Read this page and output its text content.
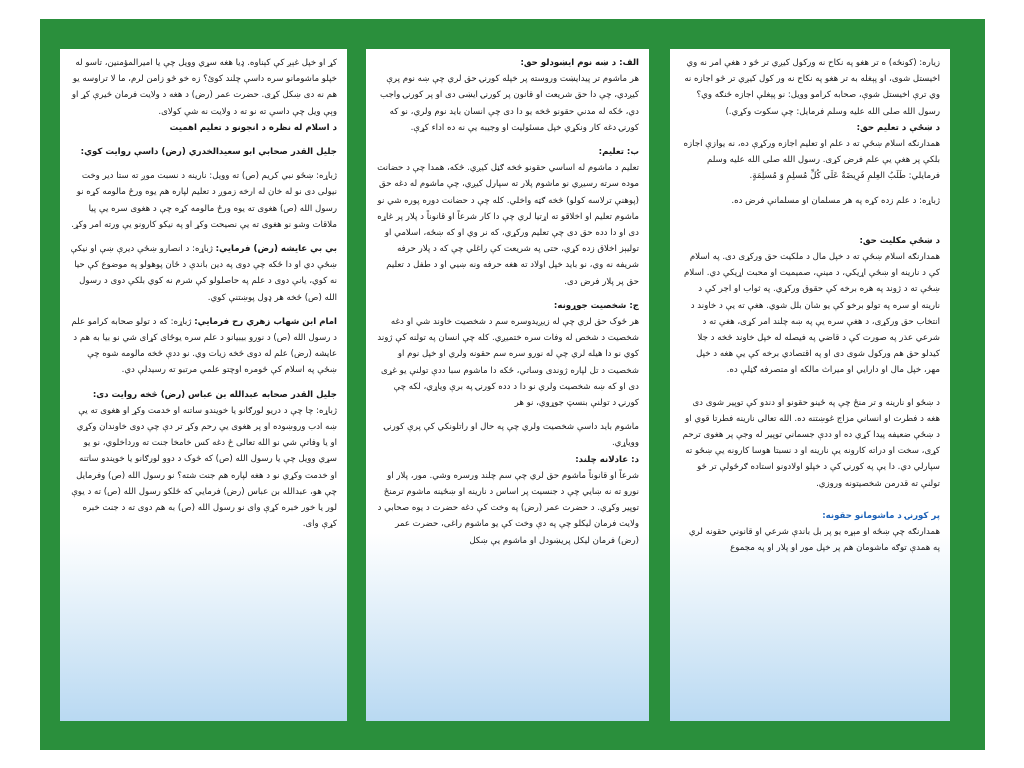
زياره: (كونځه) ه تر هغو په نكاح نه وركول كيږي تر څو د هغې امر نه وي اخيستل شوى، او پېغله به تر هغو په نكاح نه ور كول كيږي تر څو اجازه نه وي ترې اخيستل شوې، صحابه كرامو وويل: نو پېغلې اجازه څنګه وي؟ رسول الله صلى الله عليه وسلم فرمايل: چې سكوت وكړي.)

د ښځې د تعليم حق:

همدارنګه اسلام ښځې ته د علم او تعليم اجازه وركړې ده، نه يوازې اجازه بلكې پر هغې يې علم فرض كړى. رسول الله صلى الله عليه وسلم فرمايلي: طَلَبُ العِلمِ فَرِيضَةٌ عَلَى كُلِّ مُسلِمٍ وَ مُسلِمَةٍ.

ژباړه: د علم زده كړه په هر مسلمان او مسلمانې فرض ده.

د ښځې مكليت حق:

همدارنګه اسلام ښځې ته د خپل مال د ملكيت حق وركړى دى. په اسلام كې د نارينه او ښځې اړيكي، د مينې، صميميت او محبت اړيكې دي. اسلام ښځې ته د ژوند په هره برخه كې حقوق وركړي. په ثواب او اجر كې د نارينه او سره په تولو برخو كې يو شان بلل شوي. هغې ته يې د خاوند د انتخاب حق وركړى، د هغې سره يې په ښه چلند امر كړى، هغې ته د شرعي عذر په صورت كې د قاضي په فيصله له خپل خاوند څخه د جلا كيدلو حق هم وركول شوى دى او په اقتصادي برخه كې يې هغه د خپل مهر، خپل مال او دارايي او ميراث مالكه او متصرفه ګڼلې ده.

د ښځو او نارينه و تر منځ چې په ځينو حقونو او دندو كې توپير شوى دى هغه د فطرت او انساني مزاج غوښتنه ده. الله تعالى نارينه فطرتا قوي او د ښځې ضعيفه پيدا كړي ده او ددې جسماني توپير له وجې پر هغوى ترحم كړى، سخت او دراته كارونه يې نارينه او د نسبتا هوسا كارونه يې ښځو ته سپارلي دي. دا يې په كورنۍ كې د خپلو اولادونو استاده ګرځولې تر څو تولنې ته قدرمن شخصيتونه وروزي.

پر كورنۍ د ماشومانو حقونه:

همدارنګه چې ښځه او مېړه يو پر بل باندې شرعي او قانوني حقونه لري په همدې توګه ماشومان هم پر خپل مور او پلار او په مجموع

الف: د ښه نوم ايښودلو حق:

هر ماشوم تر پيدايښت وروسته پر خپله كورنۍ حق لري چې ښه نوم پرې كيږدي، چې دا حق شريعت او قانون پر كورنۍ ايښى دى او پر كورنۍ واجب دي، ځكه له مدني حقونو څخه يو دا دى چې انسان بايد نوم ولري، نو كه كورنۍ دغه كار ونكړي خپل مسئوليت او وجيبه يې نه ده اداء كړې.

ب: تعليم:

تعليم د ماشوم له اساسي حقونو څخه ګڼل كيږي. څكه، همدا چې د حضانت موده سرته رسيږي نو ماشوم پلار ته سپارل كيږي، چې ماشوم له دغه حق (پوهنې ترلاسه كولو) څخه ګټه واخلي. كله چې د حضانت دوره پوره شي نو ماشوم تعليم او اخلاقو ته اړتيا لري چې دا كار شرعاً او قانوناً د پلار پر غاړه دى او دا دده حق دى چې تعليم وركړي، كه نر وي او كه ښځه، اسلامي او توليېز اخلاق زده كړي، حتى په شريعت كې راغلي چې كه د پلار حرفه شريفه نه وي، نو بايد خپل اولاد ته هغه حرفه ونه ښيي او د طفل د تعليم حق پر پلار فرض دى.

ج: شخصيت جوړونه:

هر څوک حق لري چې له زيږيدوسره سم د شخصيت خاوند شي او دغه شخصيت د شخص له وفات سره ختميږي. كله چې انسان په تولنه كې ژوند كوي نو دا هيله لري چې له نورو سره سم حقونه ولري او خپل نوم او شخصيت د تل لپاره ژوندى وساتي، ځكه دا ماشوم سبا ددې تولنې يو غړى دى او كه ښه شخصيت ولري نو دا د دده كورنۍ په برې وياړي، لكه چې كورنۍ د تولنې بنسټ جوړوي، نو هر

ماشوم بايد داسې شخصيت ولري چې په حال او راتلونكي كې پرې كورنۍ ووياړي.

د: عادلانه چلند:

شرعاً او قانوناً ماشوم حق لري چې سم چلند ورسره وشي. مور، پلار او نورو ته نه ښايي چې د جنسيت پر اساس د نارينه او ښځينه ماشوم ترمنځ توپير وكړي. د حضرت عمر (رض) په وخت كې دغه حضرت د يوه صحابي د ولايت فرمان ليكلو چې په دې وخت كې يو ماشوم راغى، حضرت عمر (رض) فرمان ليكل پريښودل او ماشوم يې ښكل

كړ او خپل غېږ كې كېناوه. ډیا هغه سړي وويل چې يا اميرالمؤمنين، تاسو له خپلو ماشومانو سره داسې چلند كوئ؟ زه خو څو زامن لرم، ما لا تراوسه يو هم نه دى ښكل كړى. حضرت عمر (رض) د هغه د ولايت فرمان څيرې كړ او وېې ويل چې داسې ته نو ته د ولايت نه شې كولاى.

د اسلام له نظره د انجونو د تعليم اهميت

جليل القدر صحابي ابو سعيدالخدري (رض) داسې روايت كوي:

ژباړه: ښځو نبي كريم (ص) ته وويل: نارينه د نسبت موږ ته ستا دير وخت نيولى دى نو له خان له ارخه زموږ د تعليم لپاره هم يوه ورځ مالومه كړه نو رسول الله (ص) هغوى ته يوه ورځ مالومه كړه چې د هغوى سره يې پيا ملاقات وشو نو هغوى ته يې نصيحت وكړ او په نيكو كارونو يې ورته امر وكړ.

بي بي عايشه (رض) فرمايي: ژباړه: د انصارو ښځې ديرې ښې او نيكې ښځې دي او دا ځكه چې دوى په دين باندې د ځان پوهولو په موضوع كې حيا نه كوي، يانې دوى د علم په حاصلولو كې شرم نه كوي بلكې دوى د رسول الله (ص) څخه هر ډول پوښتنې كوي.

امام ابن شهاب زهري رح فرمايي: ژباړه: كه د تولو صحابه كرامو علم د رسول الله (ص) د نورو بيبيانو د علم سره يوځاى كړاى شي نو بيا به هم د عايشه (رض) علم له دوى څخه زيات وي. نو ددې څخه مالومه شوه چې ښځې په اسلام كې څومره اوچتو علمي مرتبو ته رسيدلې دي.

جليل القدر صحابه عبدالله بن عباس (رض) څخه روايت دى:

ژباړه: چا چې د دريو لورګانو يا خويندو ساتنه او خدمت وكړ او هغوى ته يې ښه ادب وروښوده او پر هغوى يې رحم وكړ تر دې چې دوى خاوندان وكړي او يا وفاتې شي نو الله تعالى ځ دغه كس خامخا جنت ته ورداخلوي، نو يو سړي وويل چې يا رسول الله (ص) كه څوک د دوو لورګانو يا خويندو ساتنه او خدمت وكړي نو د هغه لپاره هم جنت شته؟ نو رسول الله (ص) وفرمايل چې هو، عبدالله بن عباس (رض) فرمايي كه څلكو رسول الله (ص) ته د يوې لور يا خور خبره كړې واى نو رسول الله (ص) به هم دوى ته د جنت خبره كړې واى.
